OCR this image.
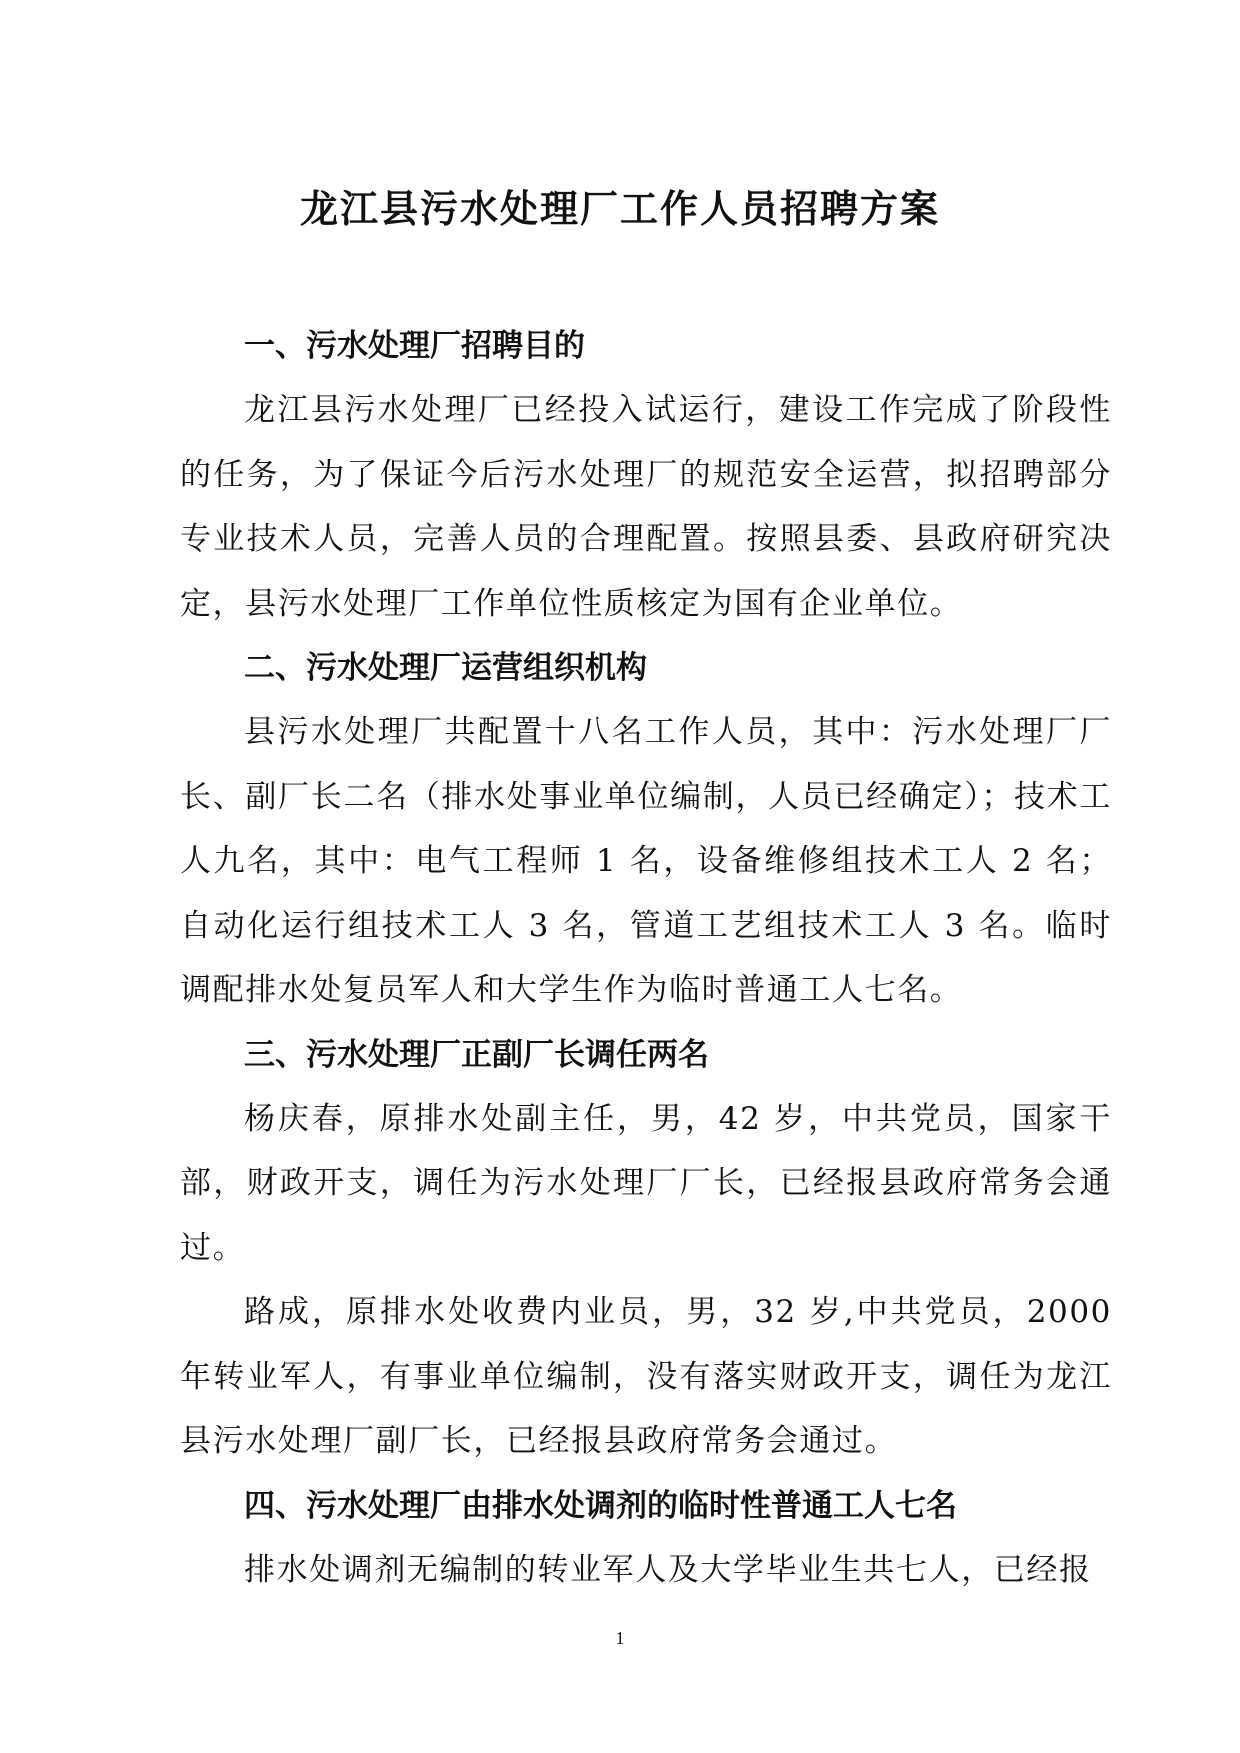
龙江县污水处理厂工作人员招聘方案
一、污水处理厂招聘目的

龙江县污水处理厂已经投入试运行，建设工作完成了阶段性的任务，为了保证今后污水处理厂的规范安全运营，拟招聘部分专业技术人员，完善人员的合理配置。按照县委、县政府研究决定，县污水处理厂工作单位性质核定为国有企业单位。

二、污水处理厂运营组织机构

县污水处理厂共配置十八名工作人员，其中：污水处理厂厂长、副厂长二名（排水处事业单位编制，人员已经确定）；技术工人九名，其中：电气工程师 1 名，设备维修组技术工人 2 名；自动化运行组技术工人 3 名，管道工艺组技术工人 3 名。临时调配排水处复员军人和大学生作为临时普通工人七名。

三、污水处理厂正副厂长调任两名

杨庆春，原排水处副主任，男，42 岁，中共党员，国家干部，财政开支，调任为污水处理厂厂长，已经报县政府常务会通过。

路成，原排水处收费内业员，男，32 岁,中共党员，2000 年转业军人，有事业单位编制，没有落实财政开支，调任为龙江县污水处理厂副厂长，已经报县政府常务会通过。

四、污水处理厂由排水处调剂的临时性普通工人七名

排水处调剂无编制的转业军人及大学毕业生共七人，已经报

1
